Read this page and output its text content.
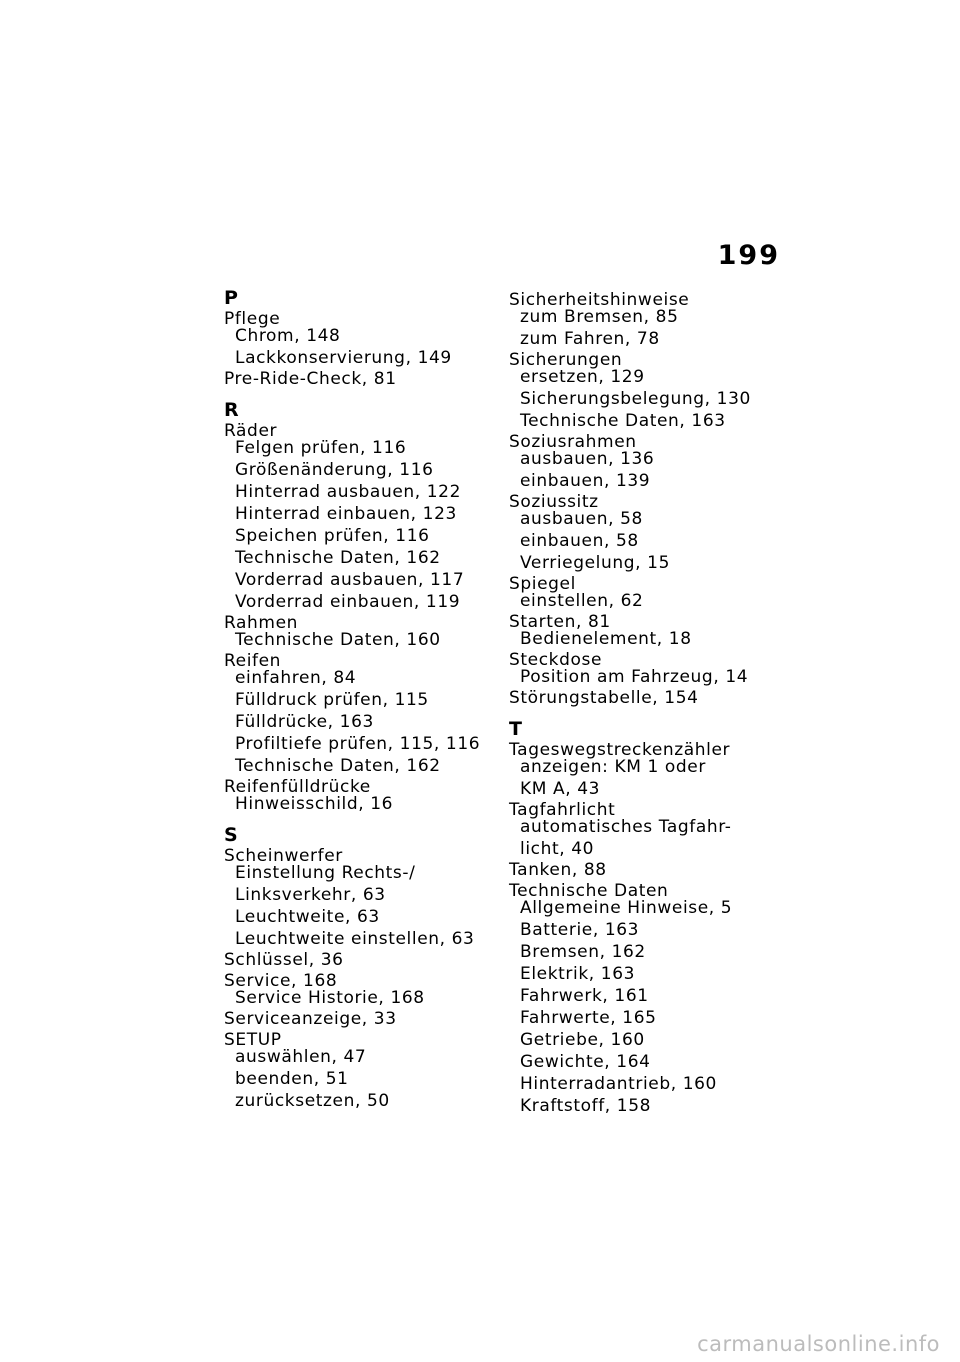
199
P
Pflege
Chrom, 148
Lackkonservierung, 149
Pre-Ride-Check, 81
R
Räder
Felgen prüfen, 116
Größenänderung, 116
Hinterrad ausbauen, 122
Hinterrad einbauen, 123
Speichen prüfen, 116
Technische Daten, 162
Vorderrad ausbauen, 117
Vorderrad einbauen, 119
Rahmen
Technische Daten, 160
Reifen
einfahren, 84
Fülldruck prüfen, 115
Fülldrücke, 163
Profiltiefe prüfen, 115, 116
Technische Daten, 162
Reifenfülldrücke
Hinweisschild, 16
S
Scheinwerfer
Einstellung Rechts-/
Linksverkehr, 63
Leuchtweite, 63
Leuchtweite einstellen, 63
Schlüssel, 36
Service, 168
Service Historie, 168
Serviceanzeige, 33
SETUP
auswählen, 47
beenden, 51
zurücksetzen, 50
Sicherheitshinweise
zum Bremsen, 85
zum Fahren, 78
Sicherungen
ersetzen, 129
Sicherungsbelegung, 130
Technische Daten, 163
Soziusrahmen
ausbauen, 136
einbauen, 139
Soziussitz
ausbauen, 58
einbauen, 58
Verriegelung, 15
Spiegel
einstellen, 62
Starten, 81
Bedienelement, 18
Steckdose
Position am Fahrzeug, 14
Störungstabelle, 154
T
Tageswegstreckenzähler
anzeigen: KM 1 oder
KM A, 43
Tagfahrlicht
automatisches Tagfahr-
licht, 40
Tanken, 88
Technische Daten
Allgemeine Hinweise, 5
Batterie, 163
Bremsen, 162
Elektrik, 163
Fahrwerk, 161
Fahrwerte, 165
Getriebe, 160
Gewichte, 164
Hinterradantrieb, 160
Kraftstoff, 158
carmanualsonline.info
